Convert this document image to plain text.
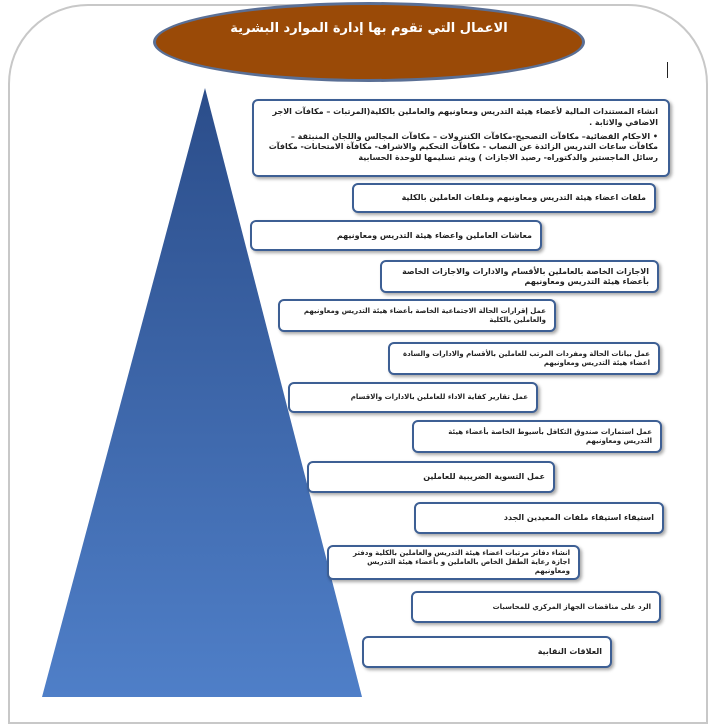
الاعمال التي تقوم بها إدارة الموارد البشرية
انشاء المستندات المالية لأعضاء هيئة التدريس ومعاونيهم والعاملين بالكلية(المرتبات – مكافآت الاجر الاضافي والاثابة .
• الاحكام القضائية– مكافآت التصحيح-مكافآت الكنترولات – مكافآت المجالس واللجان المنبثقة –مكافآت ساعات التدريس الزائدة عن النصاب - مكافآت التحكيم والاشراف- مكافآة الامتحانات- مكافآت رسائل الماجستير والدكتوراه- رصيد الاجازات ) ويتم تسليمها للوحدة الحسابية
ملفات اعضاء هيئة التدريس ومعاونيهم وملفات العاملين بالكلية
معاشات العاملين واعضاء هيئة التدريس ومعاونيهم
الاجازات الخاصة بالعاملين بالأقسام والادارات والاجازات الخاصة بأعضاء هيئة التدريس ومعاونيهم
عمل إقرارات الحالة الاجتماعية الخاصة بأعضاء هيئة التدريس ومعاونيهم والعاملين بالكلية
عمل بيانات الحالة ومفردات المرتب للعاملين بالأقسام والادارات والسادة اعضاء هيئة التدريس ومعاونيهم
عمل تقارير كفاية الاداء للعاملين بالادارات والاقسام
عمل استمارات صندوق التكافل بأسيوط الخاصة بأعضاء هيئة التدريس ومعاونيهم
عمل التسوية الضريبية للعاملين
استيفاء استيفاء ملفات المعيدين الجدد
انشاء دفاتر مرتبات اعضاء هيئة التدريس والعاملين بالكلية ودفتر اجازة رعاية الطفل الخاص بالعاملين و بأعضاء هيئة التدريس ومعاونيهم
الرد على مناقضات الجهاز المركزي للمحاسبات
العلاقات النقابية
